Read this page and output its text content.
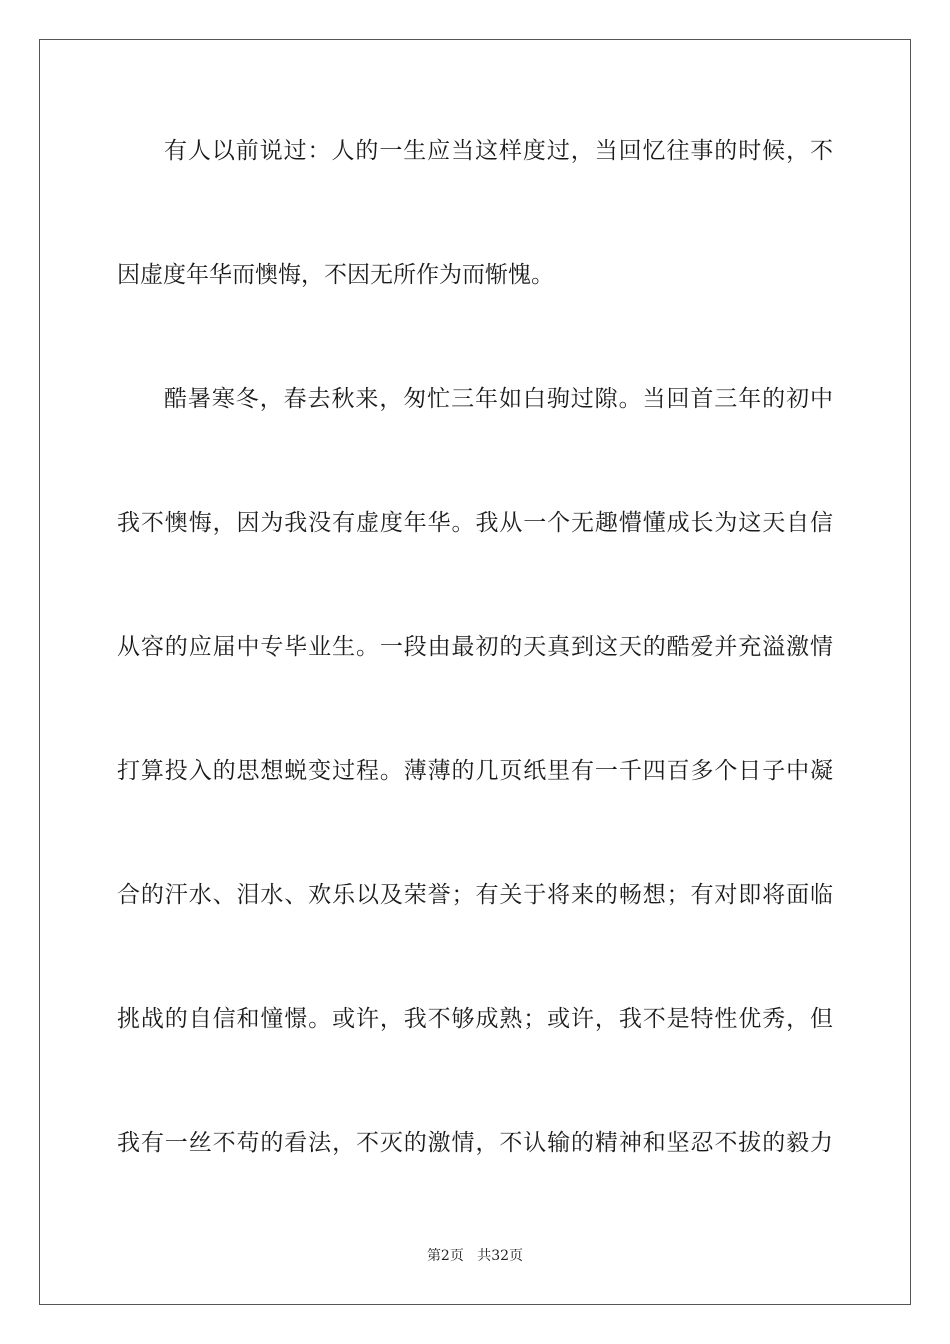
有人以前说过：人的一生应当这样度过，当回忆往事的时候，不
因虚度年华而懊悔，不因无所作为而惭愧。
酷暑寒冬，春去秋来，匆忙三年如白驹过隙。当回首三年的初中
我不懊悔，因为我没有虚度年华。我从一个无趣懵懂成长为这天自信
从容的应届中专毕业生。一段由最初的天真到这天的酷爱并充溢激情
打算投入的思想蜕变过程。薄薄的几页纸里有一千四百多个日子中凝
合的汗水、泪水、欢乐以及荣誉；有关于将来的畅想；有对即将面临
挑战的自信和憧憬。或许，我不够成熟；或许，我不是特性优秀，但
我有一丝不苟的看法，不灭的激情，不认输的精神和坚忍不拔的毅力
第2页 共32页
